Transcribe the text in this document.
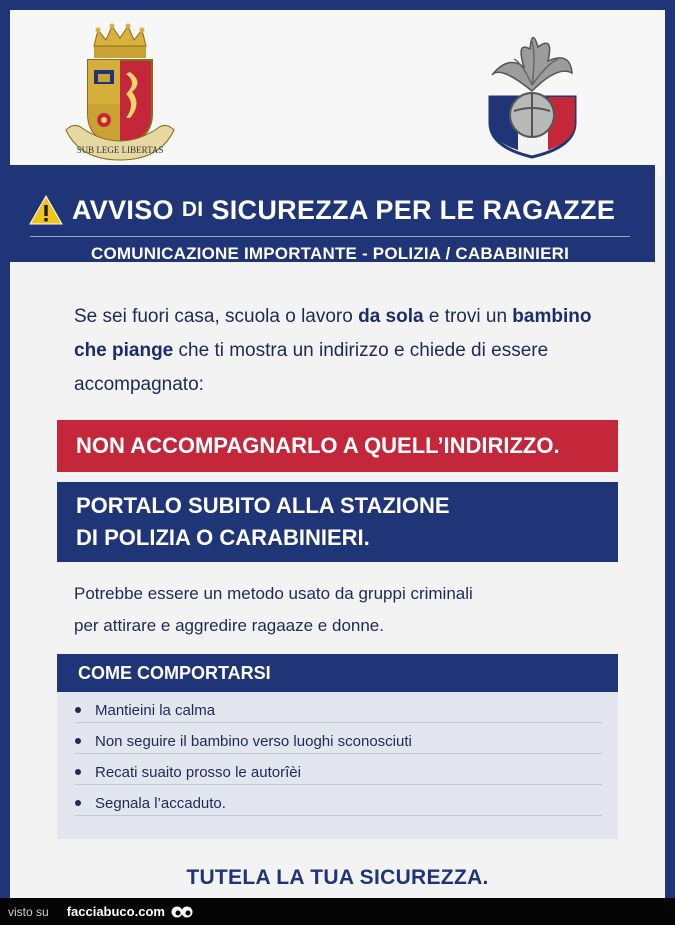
SUB LEGE LIBERTAS
AVVISO DI SICUREZZA PER LE RAGAZZE
COMUNICAZIONE IMPORTANTE - POLIZIA / CABABINIERI
Se sei fuori casa, scuola o lavoro da sola e trovi un bambino che piange che ti mostra un indirizzo e chiede di essere accompagnato:
NON ACCOMPAGNARLO A QUELL’INDIRIZZO.
PORTALO SUBITO ALLA STAZIONE
DI POLIZIA O CARABINIERI.
Potrebbe essere un metodo usato da gruppi criminali
per attirare e aggredire ragaaze e donne.
COME COMPORTARSI
Mantieini la calma
Non seguire il bambino verso luoghi sconosciuti
Recati suaito prosso le autorîèi
Segnala l’accaduto.
TUTELA LA TUA SICUREZZA.
visto su facciabuco.com
